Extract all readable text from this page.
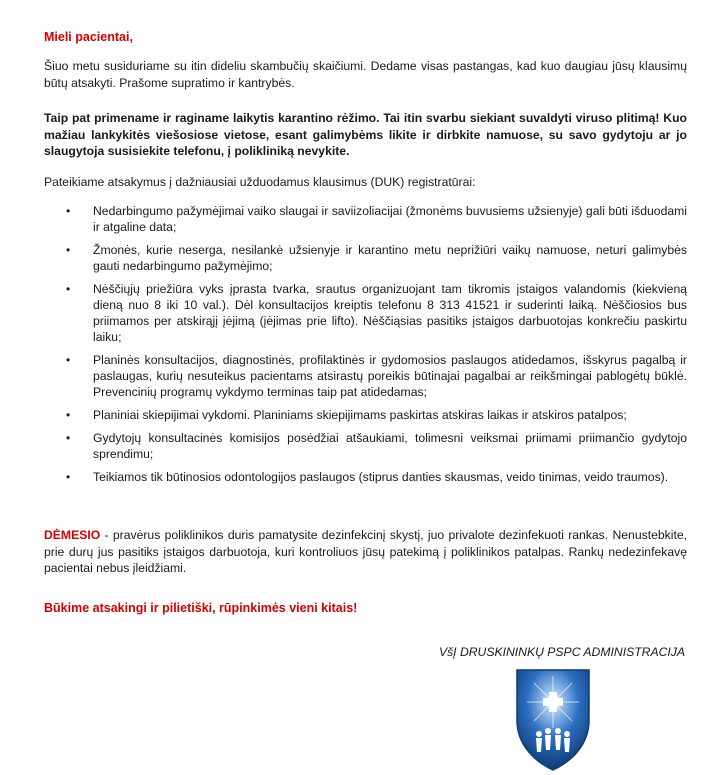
Mieli pacientai,
Šiuo metu susiduriame su itin dideliu skambučių skaičiumi. Dedame visas pastangas, kad kuo daugiau jūsų klausimų būtų atsakyti. Prašome supratimo ir kantrybės.
Taip pat primename ir raginame laikytis karantino rėžimo. Tai itin svarbu siekiant suvaldyti viruso plitimą! Kuo mažiau lankykitės viešosiose vietose, esant galimybėms likite ir dirbkite namuose, su savo gydytoju ar jo slaugytoja susisiekite telefonu, į polikliniką nevykite.
Pateikiame atsakymus į dažniausiai užduodamus klausimus (DUK) registratūrai:
• Nedarbingumo pažymėjimai vaiko slaugai ir saviizoliacijai (žmonėms buvusiems užsienyje) gali būti išduodami ir atgaline data;
• Žmonės, kurie neserga, nesilankė užsienyje ir karantino metu neprižiūri vaikų namuose, neturi galimybės gauti nedarbingumo pažymėjimo;
• Nėščiųjų priežiūra vyks įprasta tvarka, srautus organizuojant tam tikromis įstaigos valandomis (kiekvieną dieną nuo 8 iki 10 val.). Dėl konsultacijos kreiptis telefonu 8 313 41521 ir suderinti laiką. Nėščiosios bus priimamos per atskirąjį įėjimą (įėjimas prie lifto). Nėščiąsias pasitiks įstaigos darbuotojas konkrečiu paskirtu laiku;
• Planinės konsultacijos, diagnostinės, profilaktinės ir gydomosios paslaugos atidedamos, išskyrus pagalbą ir paslaugas, kurių nesuteikus pacientams atsirastų poreikis būtinajai pagalbai ar reikšmingai pablogėtų būklė. Prevencinių programų vykdymo terminas taip pat atidedamas;
• Planiniai skiepijimai vykdomi. Planiniams skiepijimams paskirtas atskiras laikas ir atskiros patalpos;
• Gydytojų konsultacinės komisijos posėdžiai atšaukiami, tolimesni veiksmai priimami priimančio gydytojo sprendimu;
• Teikiamos tik būtinosios odontologijos paslaugos (stiprus danties skausmas, veido tinimas, veido traumos).
DĖMESIO - pravėrus poliklinikos duris pamatysite dezinfekcinį skystį, juo privalote dezinfekuoti rankas. Nenustebkite, prie durų jus pasitiks įstaigos darbuotoja, kuri kontroliuos jūsų patekimą į poliklinikos patalpas. Rankų nedezinfekavę pacientai nebus įleidžiami.
Būkime atsakingi ir pilietiški, rūpinkimės vieni kitais!
VšĮ DRUSKININKŲ PSPC ADMINISTRACIJA
